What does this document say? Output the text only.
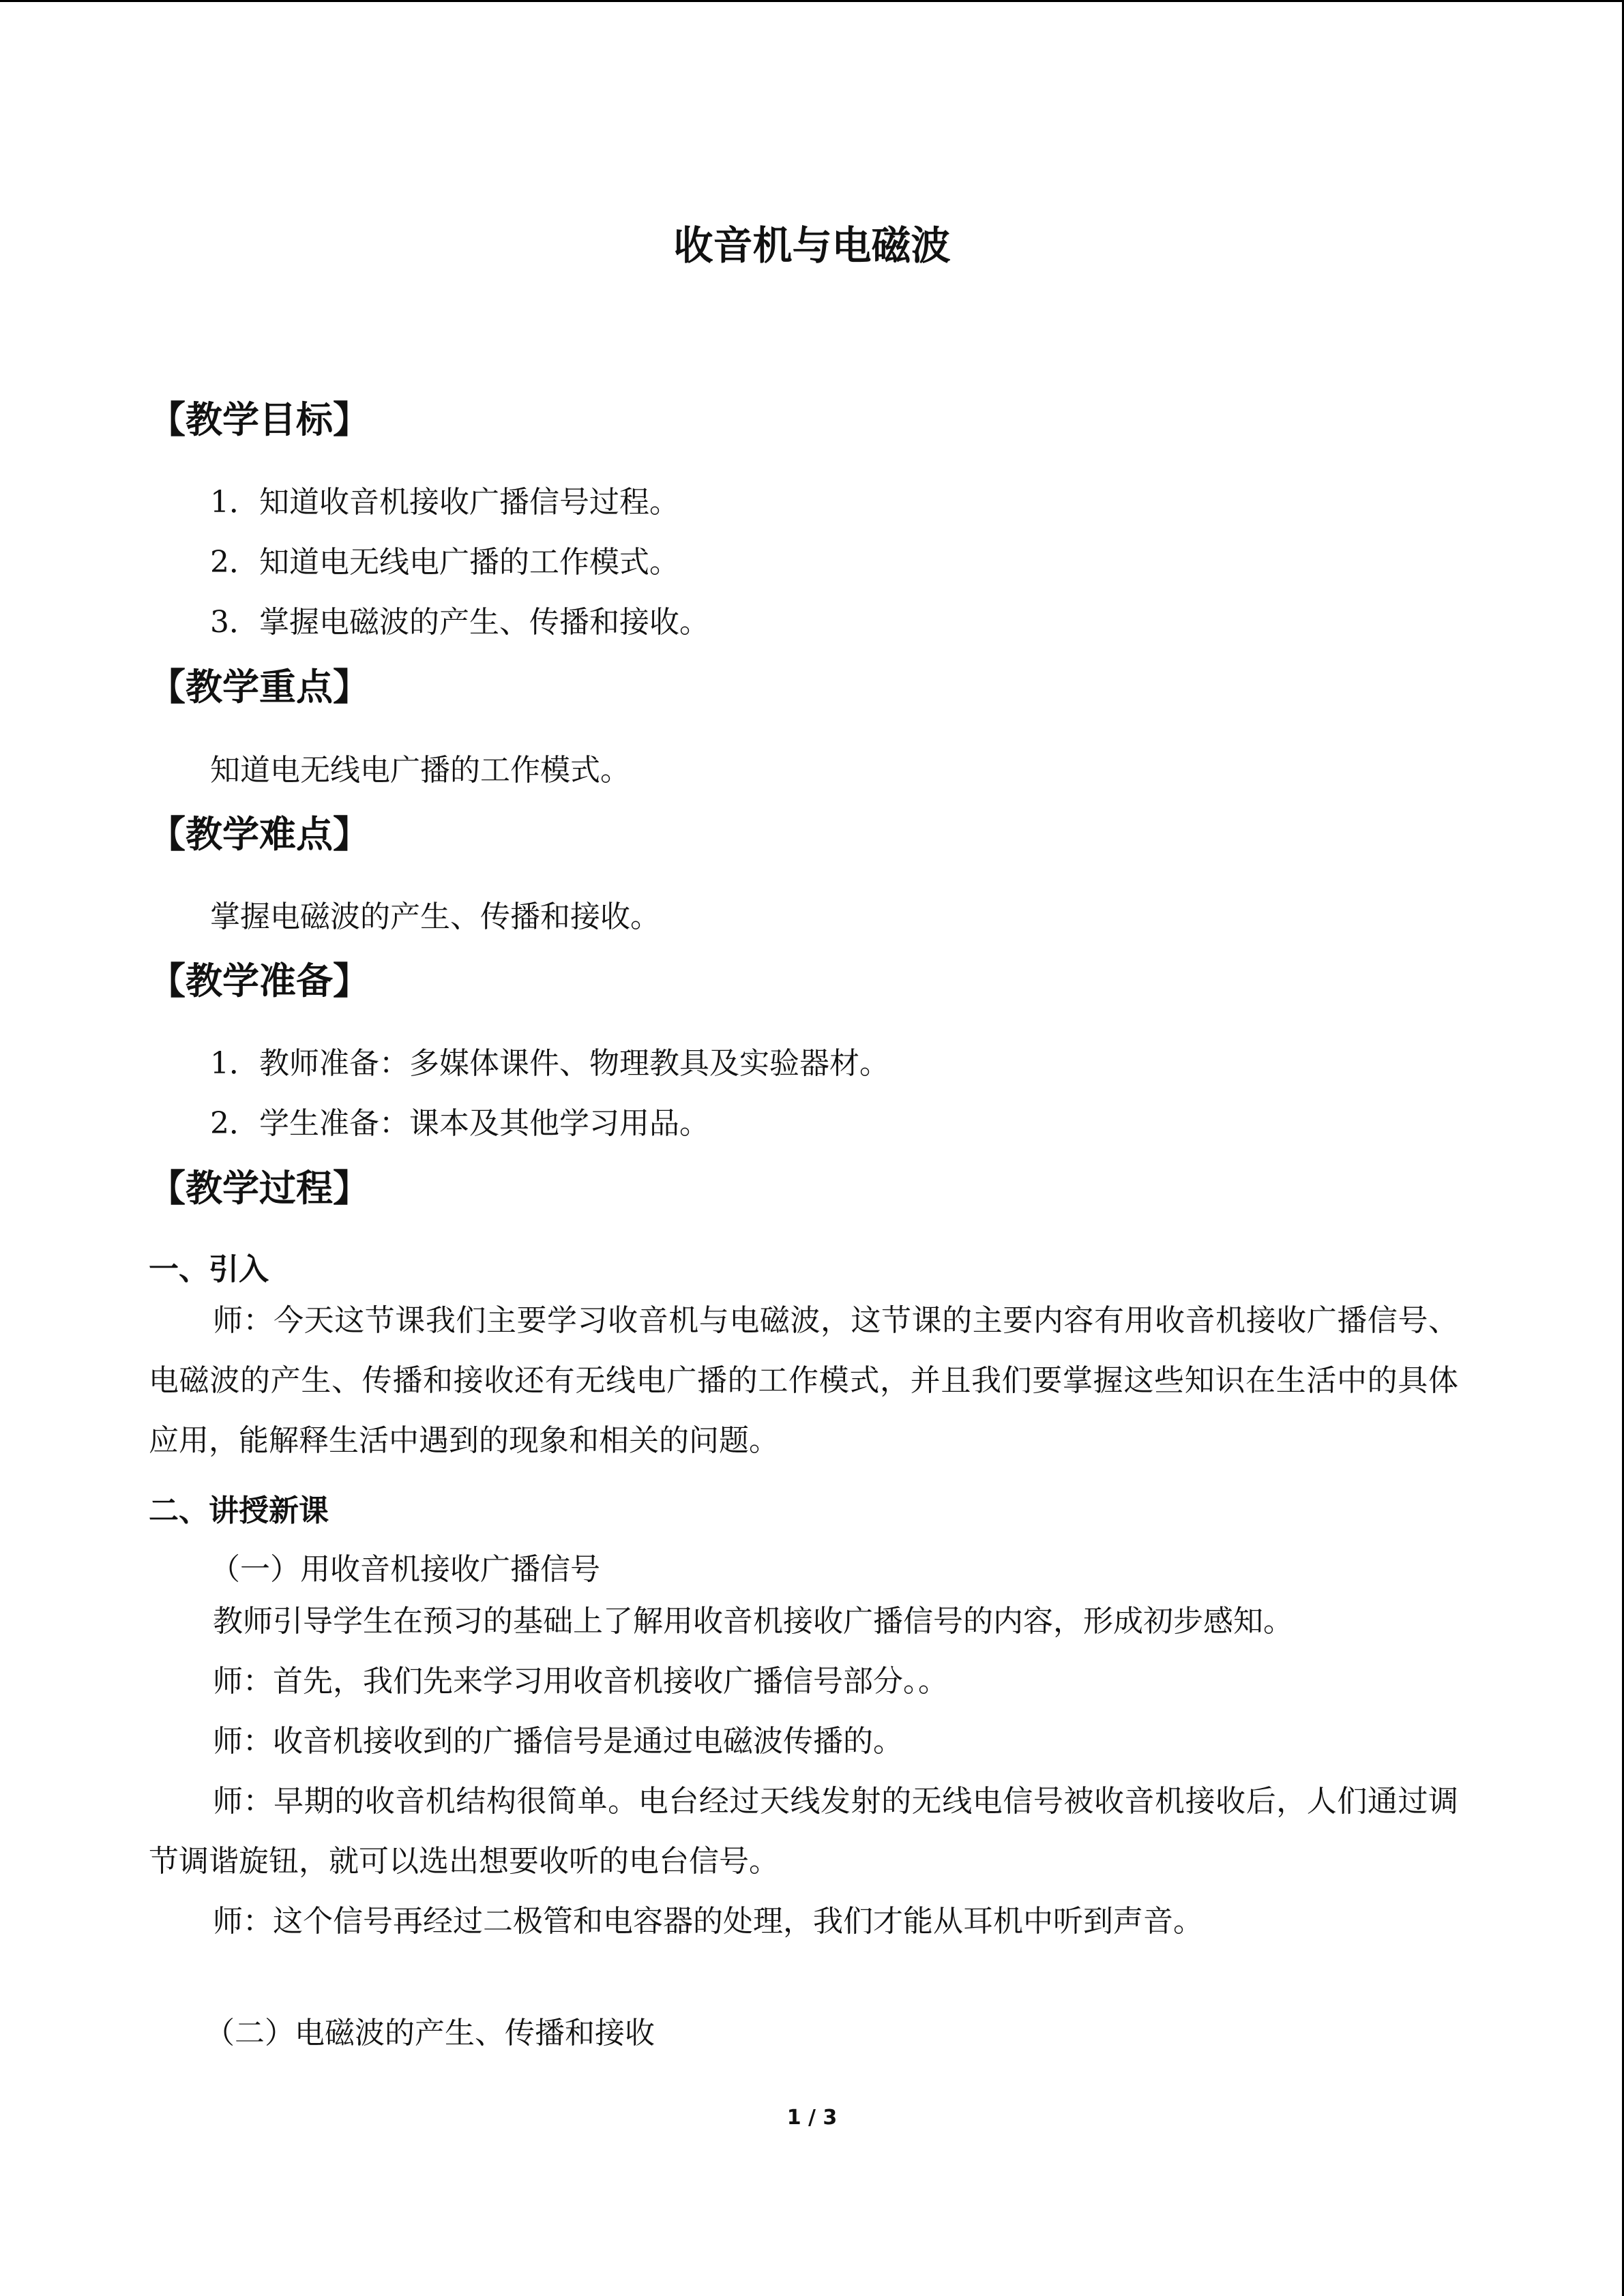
收音机与电磁波
【教学目标】
1．知道收音机接收广播信号过程。
2．知道电无线电广播的工作模式。
3．掌握电磁波的产生、传播和接收。
【教学重点】
知道电无线电广播的工作模式。
【教学难点】
掌握电磁波的产生、传播和接收。
【教学准备】
1．教师准备：多媒体课件、物理教具及实验器材。
2．学生准备：课本及其他学习用品。
【教学过程】
一、引入
师：今天这节课我们主要学习收音机与电磁波，这节课的主要内容有用收音机接收广播信号、电磁波的产生、传播和接收还有无线电广播的工作模式，并且我们要掌握这些知识在生活中的具体应用，能解释生活中遇到的现象和相关的问题。
二、讲授新课
（一）用收音机接收广播信号
教师引导学生在预习的基础上了解用收音机接收广播信号的内容，形成初步感知。
师：首先，我们先来学习用收音机接收广播信号部分。。
师：收音机接收到的广播信号是通过电磁波传播的。
师：早期的收音机结构很简单。电台经过天线发射的无线电信号被收音机接收后，人们通过调节调谐旋钮，就可以选出想要收听的电台信号。
师：这个信号再经过二极管和电容器的处理，我们才能从耳机中听到声音。
（二）电磁波的产生、传播和接收
1 / 3
